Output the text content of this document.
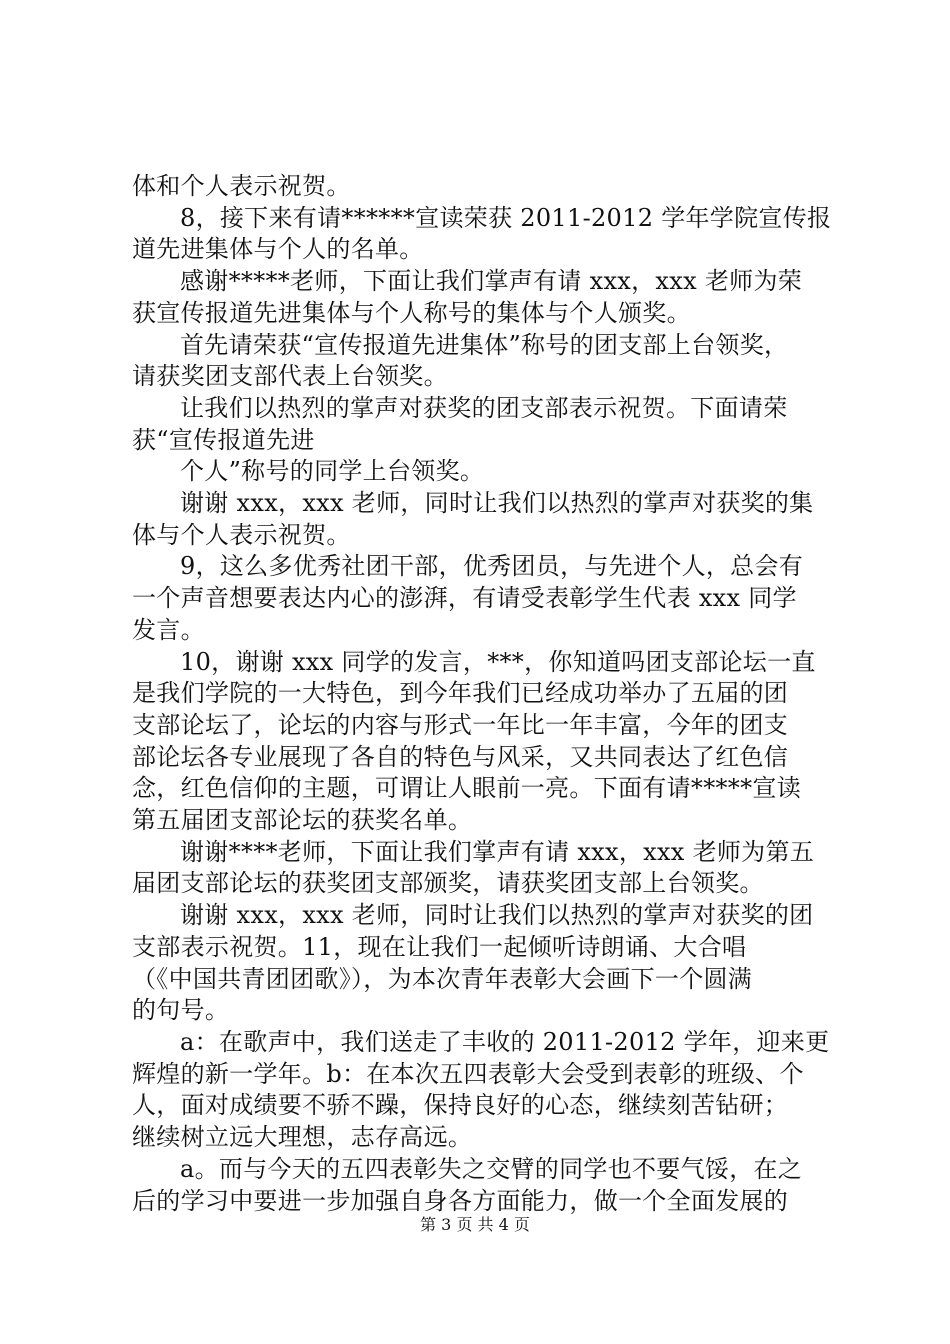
体和个人表示祝贺。
8，接下来有请******宣读荣获 2011-2012 学年学院宣传报
道先进集体与个人的名单。
感谢*****老师，下面让我们掌声有请 xxx，xxx 老师为荣
获宣传报道先进集体与个人称号的集体与个人颁奖。
首先请荣获“宣传报道先进集体”称号的团支部上台领奖，
请获奖团支部代表上台领奖。
让我们以热烈的掌声对获奖的团支部表示祝贺。下面请荣
获“宣传报道先进
个人”称号的同学上台领奖。
谢谢 xxx，xxx 老师，同时让我们以热烈的掌声对获奖的集
体与个人表示祝贺。
9，这么多优秀社团干部，优秀团员，与先进个人，总会有
一个声音想要表达内心的澎湃，有请受表彰学生代表 xxx 同学
发言。
10，谢谢 xxx 同学的发言，***，你知道吗团支部论坛一直
是我们学院的一大特色，到今年我们已经成功举办了五届的团
支部论坛了，论坛的内容与形式一年比一年丰富，今年的团支
部论坛各专业展现了各自的特色与风采，又共同表达了红色信
念，红色信仰的主题，可谓让人眼前一亮。下面有请*****宣读
第五届团支部论坛的获奖名单。
谢谢****老师，下面让我们掌声有请 xxx，xxx 老师为第五
届团支部论坛的获奖团支部颁奖，请获奖团支部上台领奖。
谢谢 xxx，xxx 老师，同时让我们以热烈的掌声对获奖的团
支部表示祝贺。11，现在让我们一起倾听诗朗诵、大合唱
（《中国共青团团歌》），为本次青年表彰大会画下一个圆满
的句号。
a：在歌声中，我们送走了丰收的 2011-2012 学年，迎来更
辉煌的新一学年。b：在本次五四表彰大会受到表彰的班级、个
人，面对成绩要不骄不躁，保持良好的心态，继续刻苦钻研；
继续树立远大理想，志存高远。
a。而与今天的五四表彰失之交臂的同学也不要气馁，在之
后的学习中要进一步加强自身各方面能力，做一个全面发展的
第 3 页 共 4 页
